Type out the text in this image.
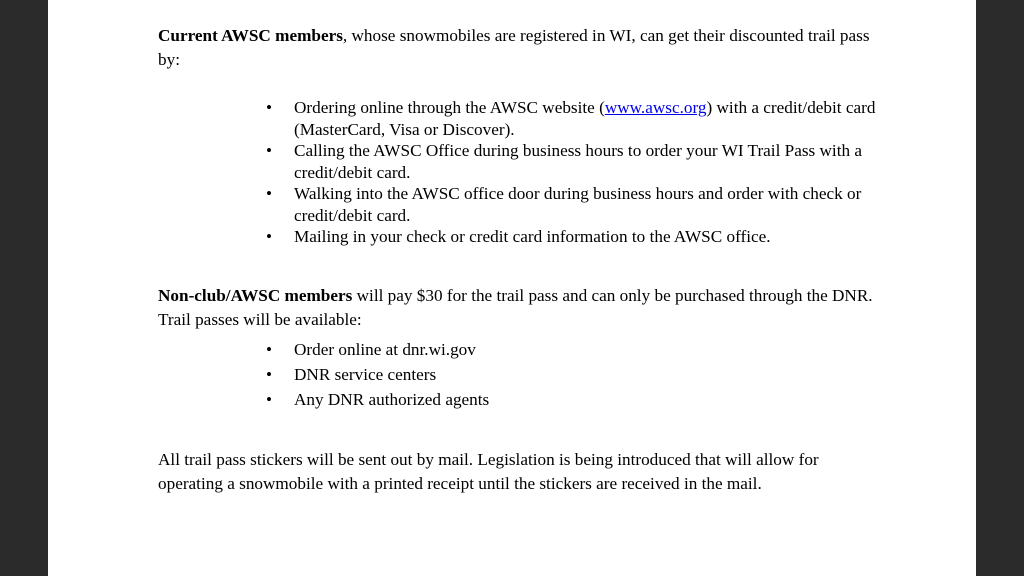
Current AWSC members, whose snowmobiles are registered in WI, can get their discounted trail pass by:

• Ordering online through the AWSC website (www.awsc.org) with a credit/debit card (MasterCard, Visa or Discover).
• Calling the AWSC Office during business hours to order your WI Trail Pass with a credit/debit card.
• Walking into the AWSC office door during business hours and order with check or credit/debit card.
• Mailing in your check or credit card information to the AWSC office.

Non-club/AWSC members will pay $30 for the trail pass and can only be purchased through the DNR. Trail passes will be available:

• Order online at dnr.wi.gov
• DNR service centers
• Any DNR authorized agents

All trail pass stickers will be sent out by mail. Legislation is being introduced that will allow for operating a snowmobile with a printed receipt until the stickers are received in the mail.
